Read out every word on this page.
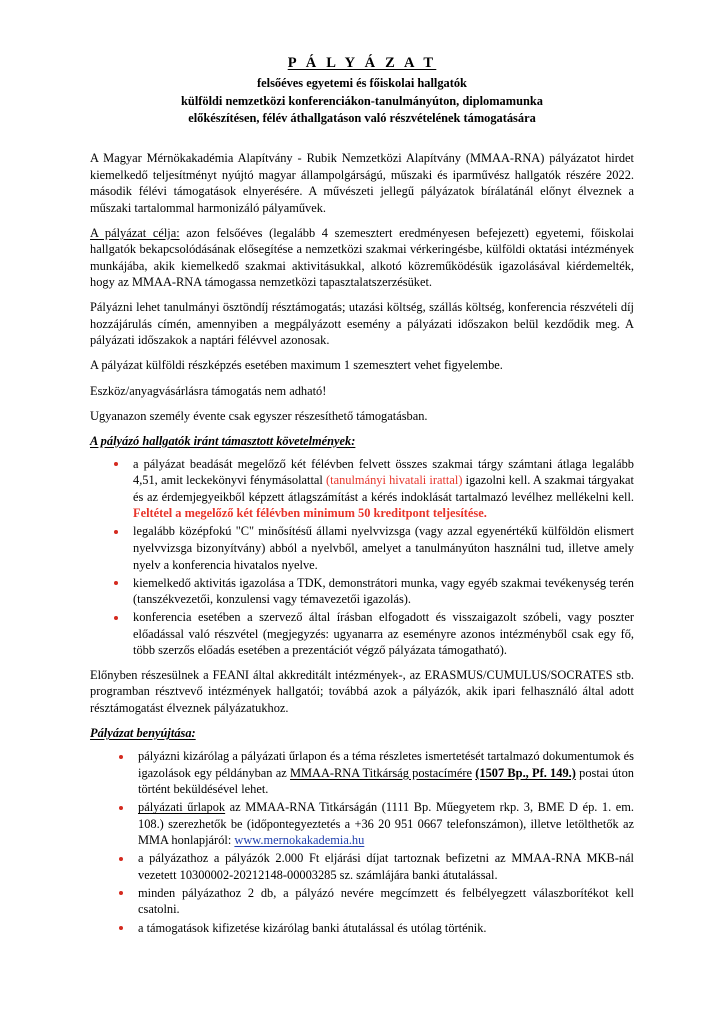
P Á L Y Á Z A T
felsőéves egyetemi és főiskolai hallgatók
külföldi nemzetközi konferenciákon-tanulmányúton, diplomamunka
előkészítésen, félév áthallgatáson való részvételének támogatására

A Magyar Mérnökakadémia Alapítvány - Rubik Nemzetközi Alapítvány (MMAA-RNA) pályázatot hirdet kiemelkedő teljesítményt nyújtó magyar állampolgárságú, műszaki és iparművész hallgatók részére 2022. második félévi támogatások elnyerésére. A művészeti jellegű pályázatok bírálatánál előnyt élveznek a műszaki tartalommal harmonizáló pályaművek.

A pályázat célja: azon felsőéves (legalább 4 szemesztert eredményesen befejezett) egyetemi, főiskolai hallgatók bekapcsolódásának elősegítése a nemzetközi szakmai vérkeringésbe, külföldi oktatási intézmények munkájába, akik kiemelkedő szakmai aktivitásukkal, alkotó közreműködésük igazolásával kiérdemelték, hogy az MMAA-RNA támogassa nemzetközi tapasztalatszerzésüket.

Pályázni lehet tanulmányi ösztöndíj résztámogatás; utazási költség, szállás költség, konferencia részvételi díj hozzájárulás címén, amennyiben a megpályázott esemény a pályázati időszakon belül kezdődik meg. A pályázati időszakok a naptári félévvel azonosak.

A pályázat külföldi részképzés esetében maximum 1 szemesztert vehet figyelembe.

Eszköz/anyagvásárlásra támogatás nem adható!

Ugyanazon személy évente csak egyszer részesíthető támogatásban.

A pályázó hallgatók iránt támasztott követelmények:

a pályázat beadását megelőző két félévben felvett összes szakmai tárgy számtani átlaga legalább 4,51, amit leckekönyvi fénymásolattal (tanulmányi hivatali irattal) igazolni kell. A szakmai tárgyakat és az érdemjegyeikből képzett átlagszámítást a kérés indoklását tartalmazó levélhez mellékelni kell. Feltétel a megelőző két félévben minimum 50 kreditpont teljesítése.
legalább középfokú "C" minősítésű állami nyelvvizsga (vagy azzal egyenértékű külföldön elismert nyelvvizsga bizonyítvány) abból a nyelvből, amelyet a tanulmányúton használni tud, illetve amely nyelv a konferencia hivatalos nyelve.
kiemelkedő aktivitás igazolása a TDK, demonstrátori munka, vagy egyéb szakmai tevékenység terén (tanszékvezetői, konzulensi vagy témavezetői igazolás).
konferencia esetében a szervező által írásban elfogadott és visszaigazolt szóbeli, vagy poszter előadással való részvétel (megjegyzés: ugyanarra az eseményre azonos intézményből csak egy fő, több szerzős előadás esetében a prezentációt végző pályázata támogatható).

Előnyben részesülnek a FEANI által akkreditált intézmények-, az ERASMUS/CUMULUS/SOCRATES stb. programban résztvevő intézmények hallgatói; továbbá azok a pályázók, akik ipari felhasználó által adott résztámogatást élveznek pályázatukhoz.

Pályázat benyújtása:

pályázni kizárólag a pályázati űrlapon és a téma részletes ismertetését tartalmazó dokumentumok és igazolások egy példányban az MMAA-RNA Titkárság postacímére (1507 Bp., Pf. 149.) postai úton történt beküldésével lehet.
pályázati űrlapok az MMAA-RNA Titkárságán (1111 Bp. Műegyetem rkp. 3, BME D ép. 1. em. 108.) szerezhetők be (időpontegyeztetés a +36 20 951 0667 telefonszámon), illetve letölthetők az MMA honlapjáról: www.mernokakademia.hu
a pályázathoz a pályázók 2.000 Ft eljárási díjat tartoznak befizetni az MMAA-RNA MKB-nál vezetett 10300002-20212148-00003285 sz. számlájára banki átutalással.
minden pályázathoz 2 db, a pályázó nevére megcímzett és felbélyegzett válaszborítékot kell csatolni.
a támogatások kifizetése kizárólag banki átutalással és utólag történik.
